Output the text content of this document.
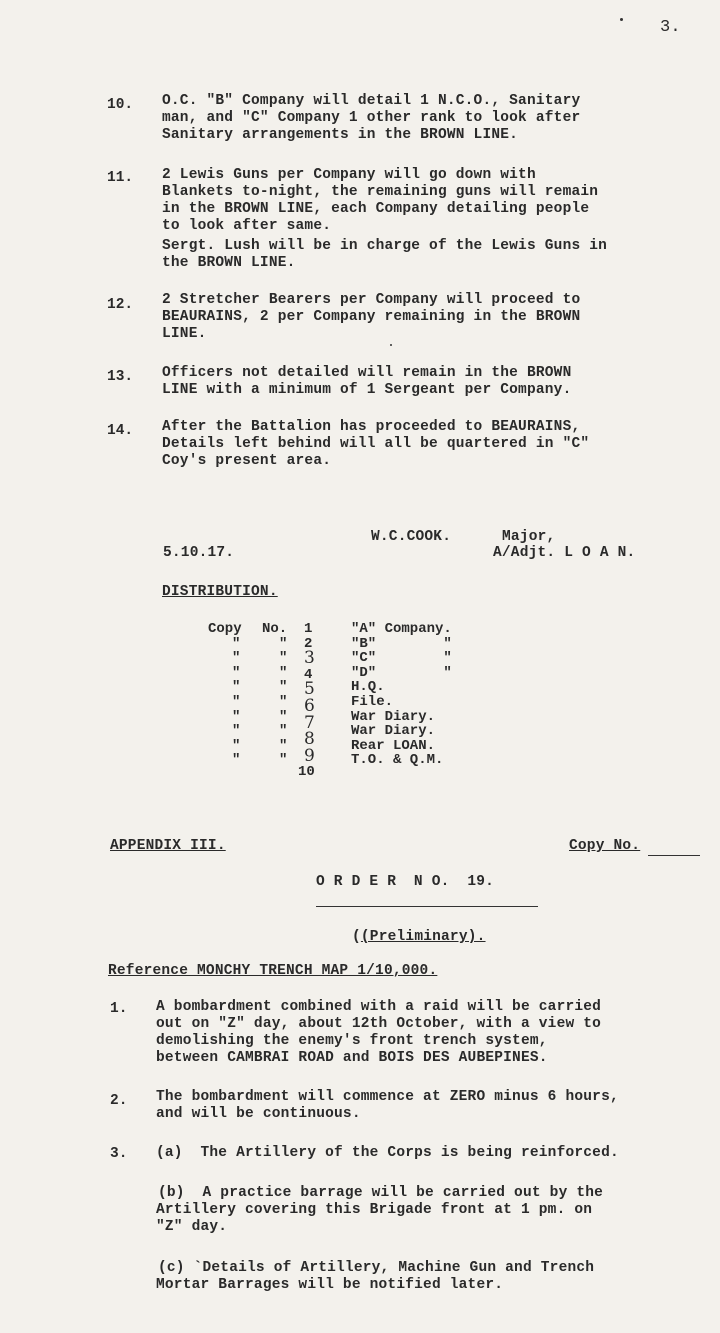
3.
10. O.C. "B" Company will detail 1 N.C.O., Sanitary
man, and "C" Company 1 other rank to look after
Sanitary arrangements in the BROWN LINE.
11. 2 Lewis Guns per Company will go down with
Blankets to-night, the remaining guns will remain
in the BROWN LINE, each Company detailing people
to look after same.
Sergt. Lush will be in charge of the Lewis Guns in
the BROWN LINE.
12. 2 Stretcher Bearers per Company will proceed to
BEAURAINS, 2 per Company remaining in the BROWN
LINE.
13. Officers not detailed will remain in the BROWN
LINE with a minimum of 1 Sergeant per Company.
14. After the Battalion has proceeded to BEAURAINS,
Details left behind will all be quartered in "C"
Coy's present area.
W.C.COOK.	Major,
A/Adjt. L O A N.
5.10.17.
DISTRIBUTION.
Copy
"
"
"
"
"
"
"
"
"
No.
"
"
"
"
"
"
"
"
"
1
2
3
4
5
6
7
8
9
10
"A" Company.
"B"        "
"C"        "
"D"        "
H.Q.
File.
War Diary.
War Diary.
Rear LOAN.
T.O. & Q.M.
APPENDIX III.	Copy No.
O R D E R  N O.  19.
((Preliminary).
Reference MONCHY TRENCH MAP 1/10,000.
1. A bombardment combined with a raid will be carried
out on "Z" day, about 12th October, with a view to
demolishing the enemy's front trench system,
between CAMBRAI ROAD and BOIS DES AUBEPINES.
2. The bombardment will commence at ZERO minus 6 hours,
and will be continuous.
3. (a)  The Artillery of the Corps is being reinforced.
(b)  A practice barrage will be carried out by the
Artillery covering this Brigade front at 1 pm. on
"Z" day.
(c) `Details of Artillery, Machine Gun and Trench
Mortar Barrages will be notified later.
